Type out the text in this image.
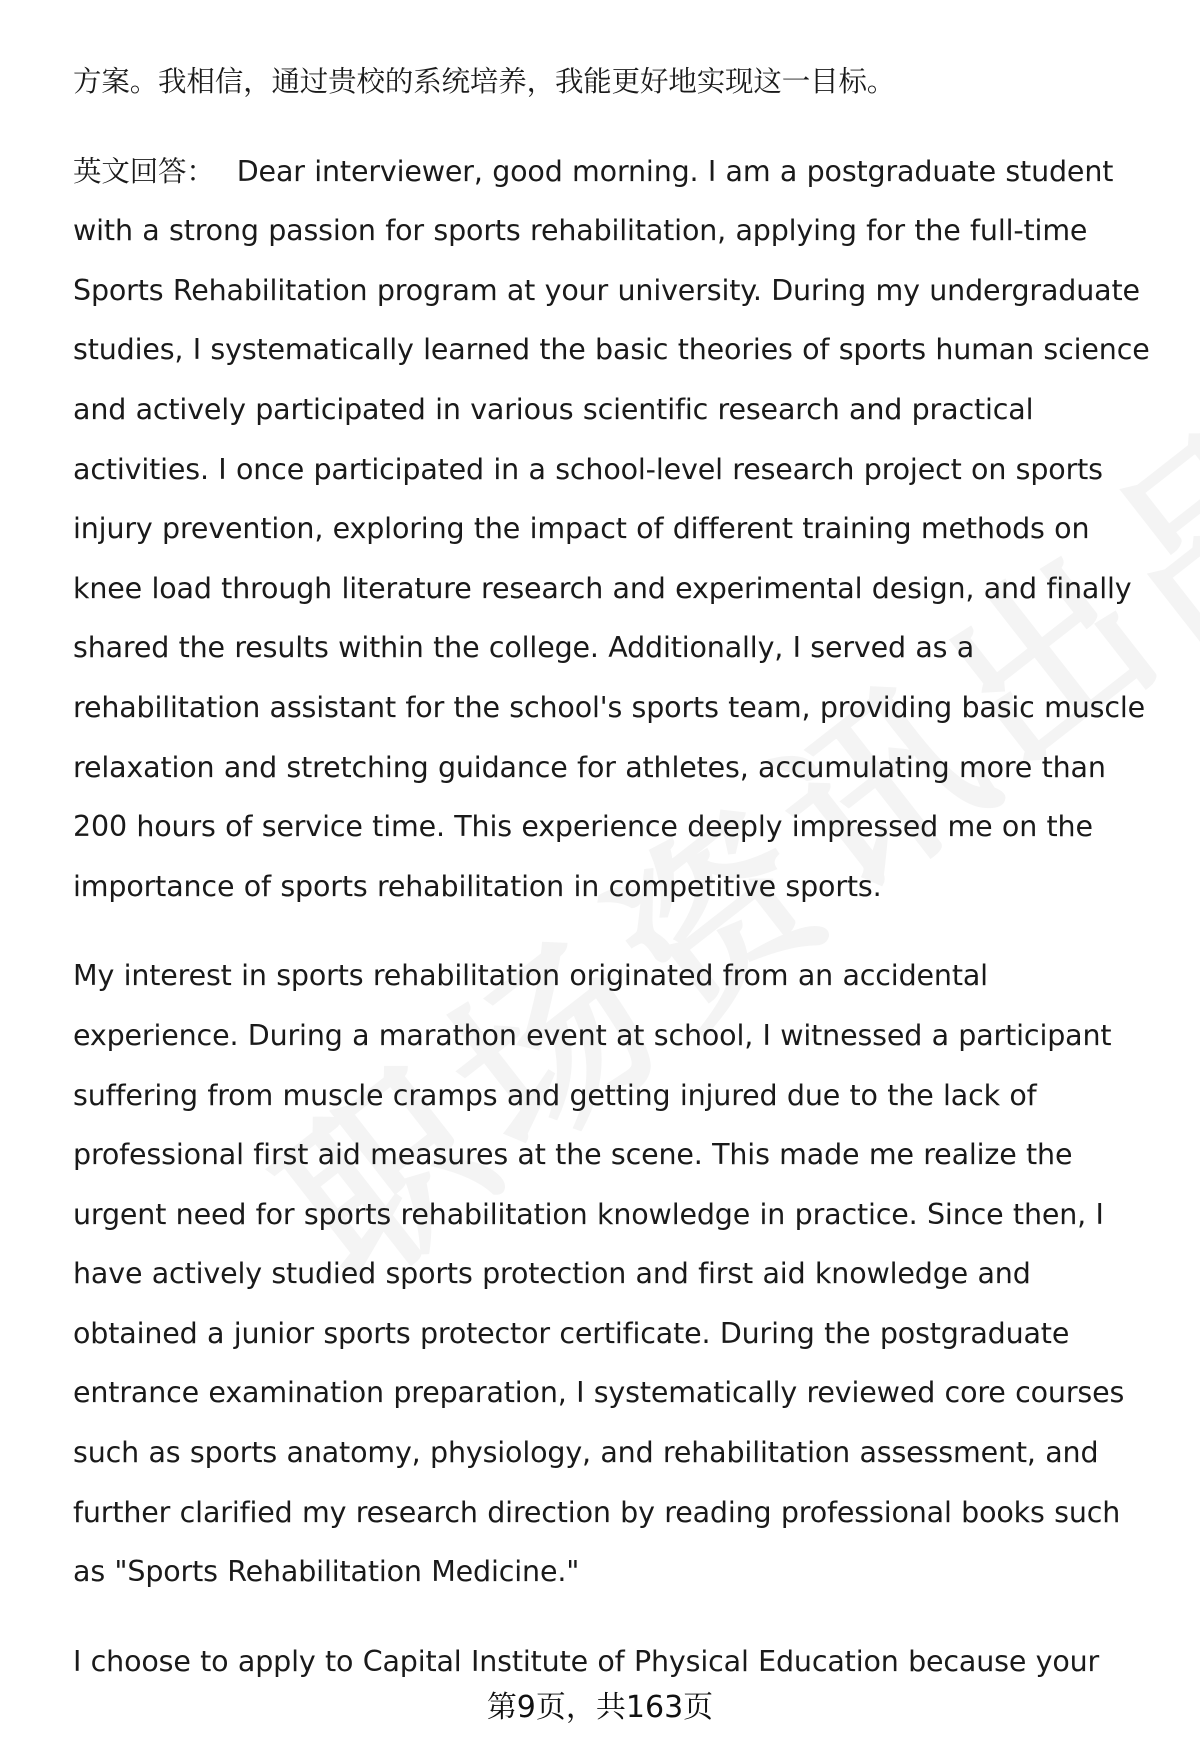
方案。我相信，通过贵校的系统培养，我能更好地实现这一目标。

英文回答： Dear interviewer, good morning. I am a postgraduate student with a strong passion for sports rehabilitation, applying for the full-time Sports Rehabilitation program at your university. During my undergraduate studies, I systematically learned the basic theories of sports human science and actively participated in various scientific research and practical activities. I once participated in a school-level research project on sports injury prevention, exploring the impact of different training methods on knee load through literature research and experimental design, and finally shared the results within the college. Additionally, I served as a rehabilitation assistant for the school's sports team, providing basic muscle relaxation and stretching guidance for athletes, accumulating more than 200 hours of service time. This experience deeply impressed me on the importance of sports rehabilitation in competitive sports.

My interest in sports rehabilitation originated from an accidental experience. During a marathon event at school, I witnessed a participant suffering from muscle cramps and getting injured due to the lack of professional first aid measures at the scene. This made me realize the urgent need for sports rehabilitation knowledge in practice. Since then, I have actively studied sports protection and first aid knowledge and obtained a junior sports protector certificate. During the postgraduate entrance examination preparation, I systematically reviewed core courses such as sports anatomy, physiology, and rehabilitation assessment, and further clarified my research direction by reading professional books such as "Sports Rehabilitation Medicine."

I choose to apply to Capital Institute of Physical Education because your

第9页，共163页
